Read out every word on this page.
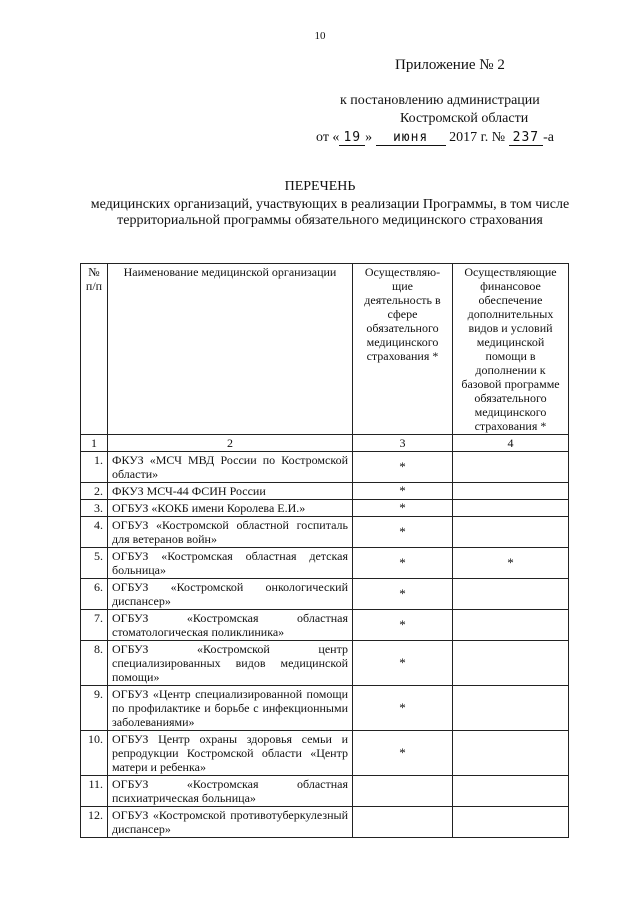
10
Приложение № 2
к постановлению администрации
Костромской области
от « 19 » июня 2017 г. № 237 -а
ПЕРЕЧЕНЬ
медицинских организаций, участвующих в реализации Программы, в том числе территориальной программы обязательного медицинского страхования
№ п/п	Наименование медицинской организации	Осуществляю- щие деятельность в сфере обязательного медицинского страхования *	Осуществляющие финансовое обеспечение дополнительных видов и условий медицинской помощи в дополнении к базовой программе обязательного медицинского страхования *
1	2	3	4
1.	ФКУЗ «МСЧ МВД России по Костромской области»	*	
2.	ФКУЗ МСЧ-44 ФСИН России	*	
3.	ОГБУЗ «КОКБ имени Королева Е.И.»	*	
4.	ОГБУЗ «Костромской областной госпиталь для ветеранов войн»	*	
5.	ОГБУЗ «Костромская областная детская больница»	*	*
6.	ОГБУЗ «Костромской онкологический диспансер»	*	
7.	ОГБУЗ «Костромская областная стоматологическая поликлиника»	*	
8.	ОГБУЗ «Костромской центр специализированных видов медицинской помощи»	*	
9.	ОГБУЗ «Центр специализированной помощи по профилактике и борьбе с инфекционными заболеваниями»	*	
10.	ОГБУЗ Центр охраны здоровья семьи и репродукции Костромской области «Центр матери и ребенка»	*	
11.	ОГБУЗ «Костромская областная психиатрическая больница»		
12.	ОГБУЗ «Костромской противотуберкулезный диспансер»		
